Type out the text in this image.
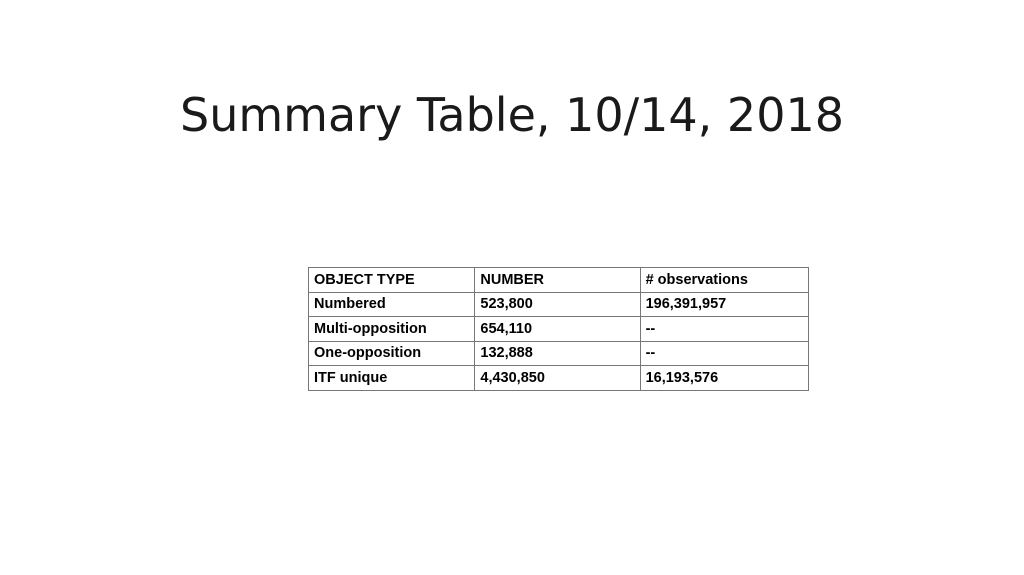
Summary Table, 10/14, 2018
OBJECT TYPE	NUMBER	# observations
Numbered	523,800	196,391,957
Multi-opposition	654,110	--
One-opposition	132,888	--
ITF unique	4,430,850	16,193,576
